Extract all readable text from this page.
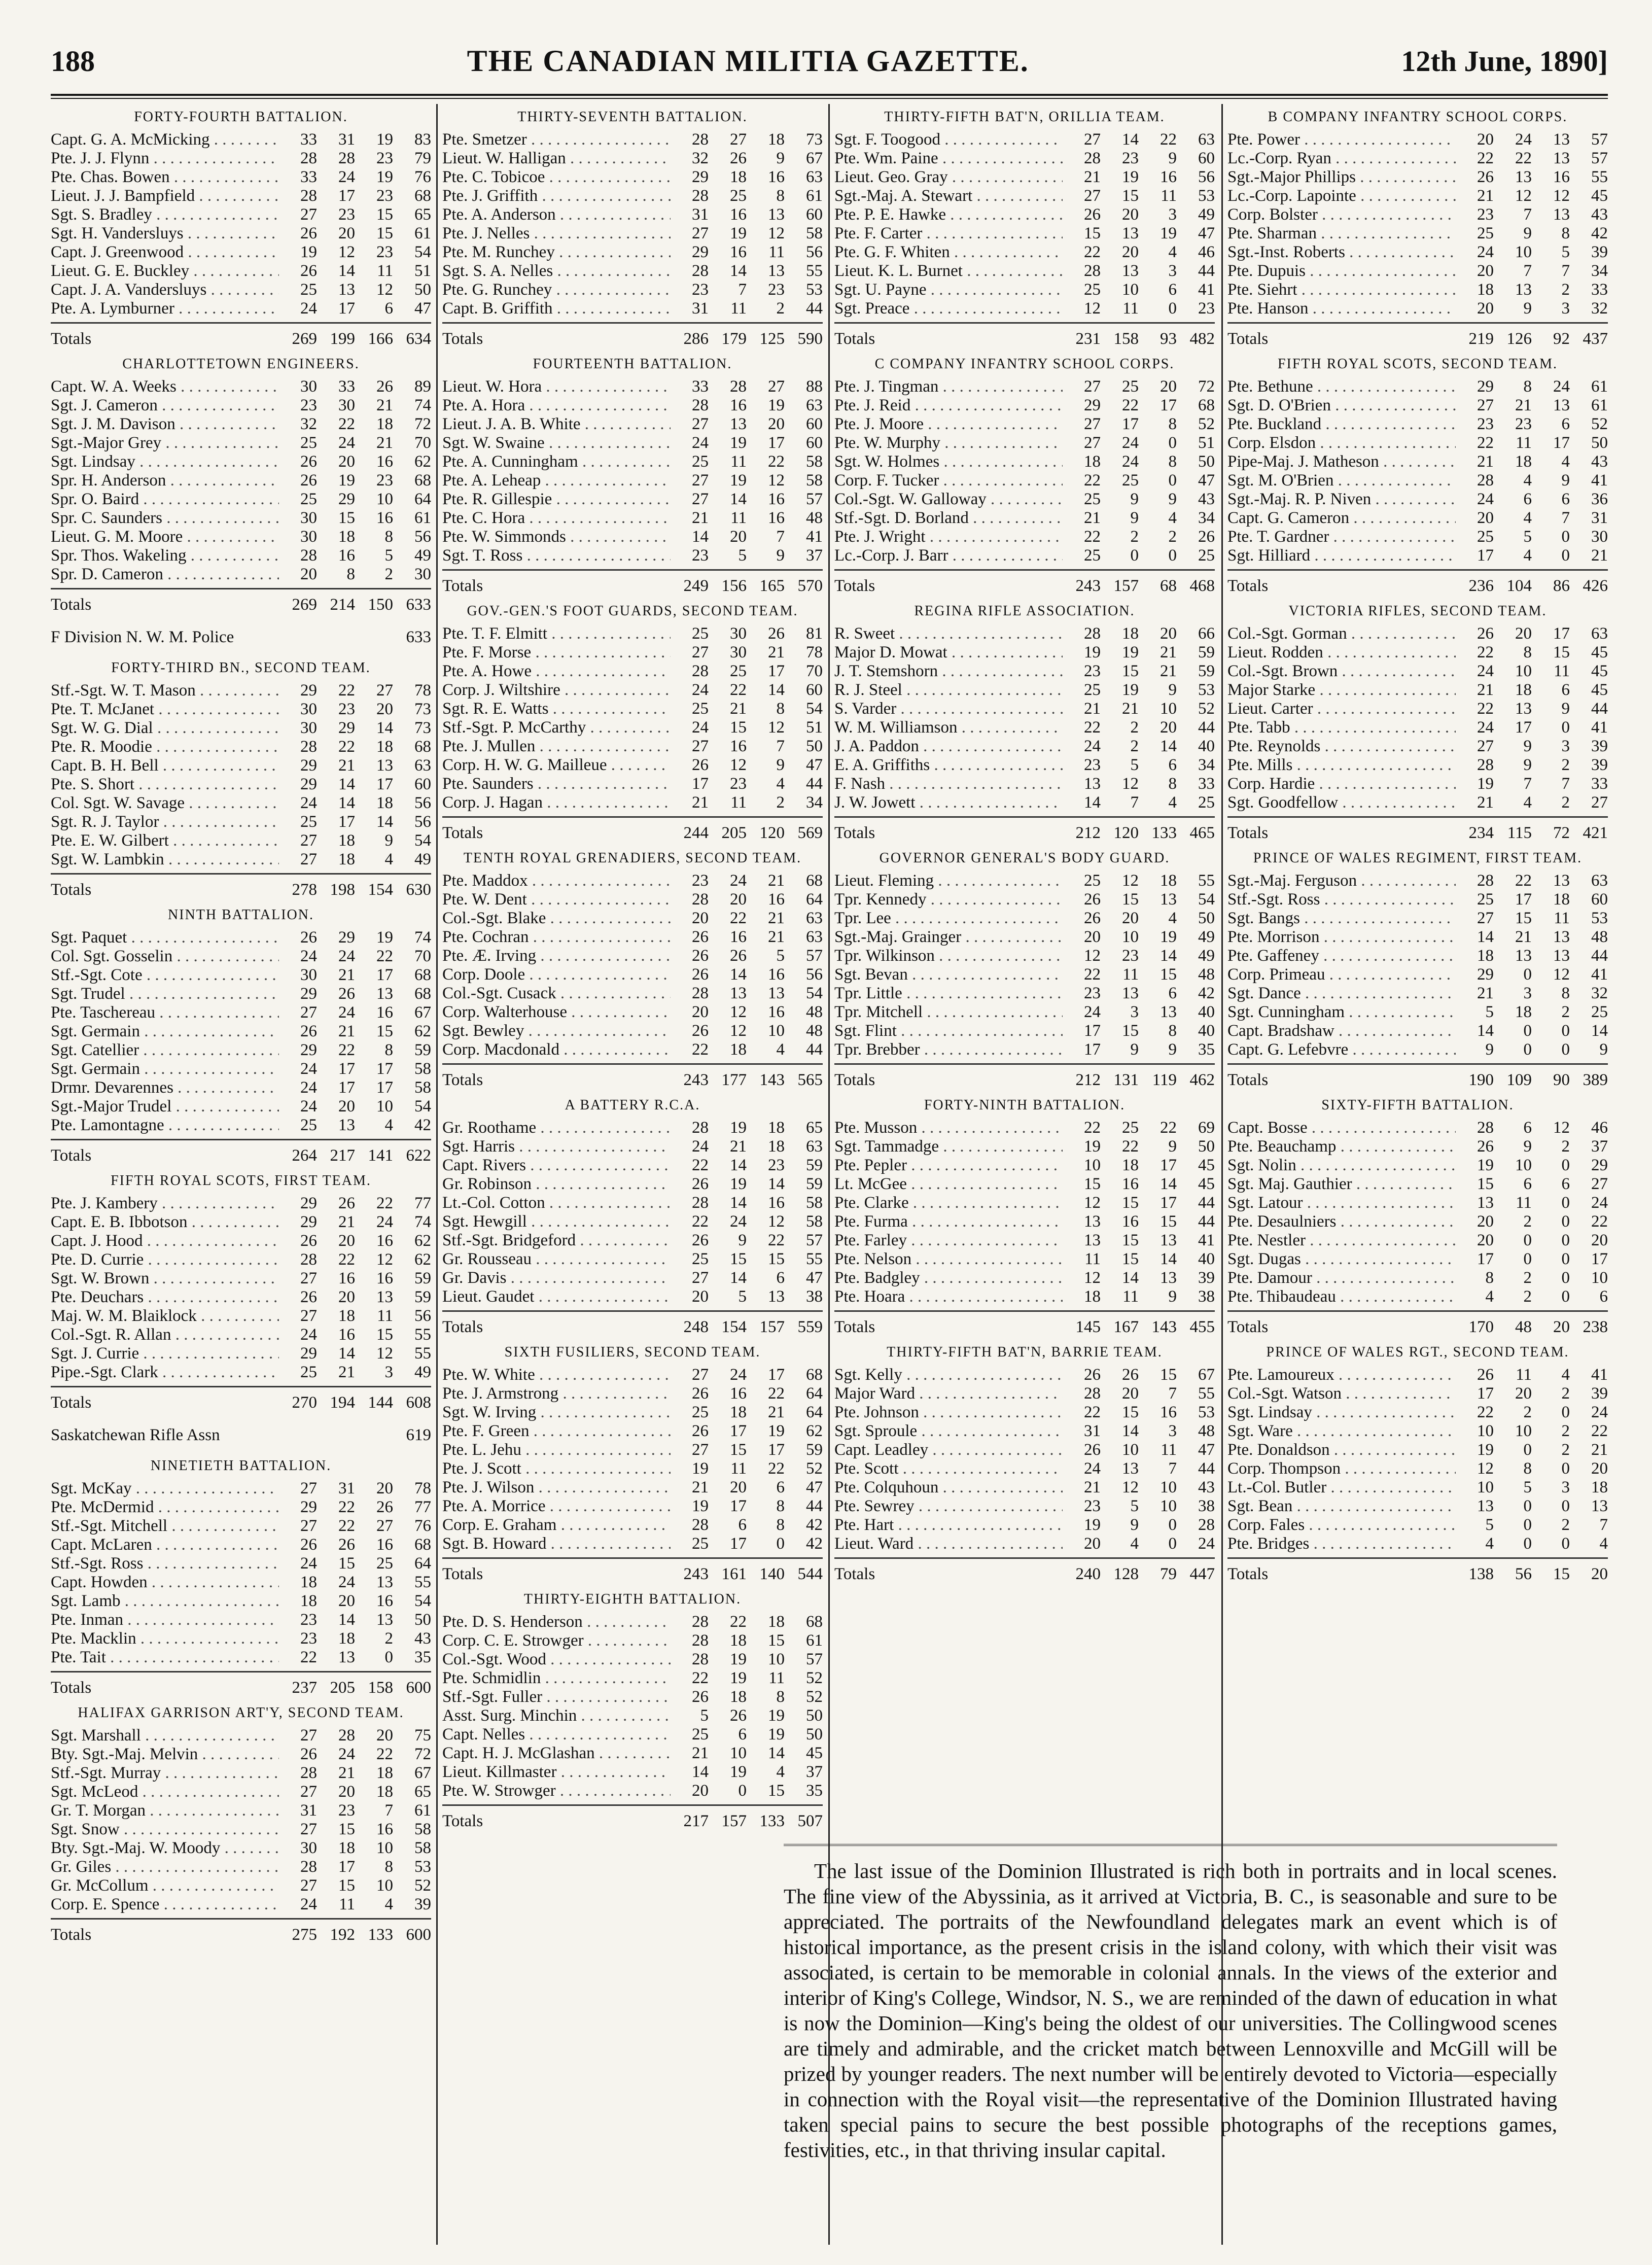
188	THE CANADIAN MILITIA GAZETTE.	12th June, 1890]
FORTY-FOURTH BATTALION.
Capt. G. A. McMicking . . .	33	31	19	83
Pte. J. J. Flynn . . .	28	28	23	79
Pte. Chas. Bowen . . .	33	24	19	76
Lieut. J. J. Bampfield . . .	28	17	23	68
Sgt. S. Bradley . . .	27	23	15	65
Sgt. H. Vandersluys . . .	26	20	15	61
Capt. J. Greenwood . . .	19	12	23	54
Lieut. G. E. Buckley . . .	26	14	11	51
Capt. J. A. Vandersluys . . .	25	13	12	50
Pte. A. Lymburner . . .	24	17	6	47
Totals	269 199 166 634
CHARLOTTETOWN ENGINEERS.
Capt. W. A. Weeks . . .	30	33	26	89
Sgt. J. Cameron . . .	23	30	21	74
Sgt. J. M. Davison . . .	32	22	18	72
Sgt.-Major Grey . . .	25	24	21	70
Sgt. Lindsay . . .	26	20	16	62
Spr. H. Anderson . . .	26	19	23	68
Spr. O. Baird . . .	25	29	10	64
Spr. C. Saunders . . .	30	15	16	61
Lieut. G. M. Moore . . .	30	18	8	56
Spr. Thos. Wakeling . . .	28	16	5	49
Spr. D. Cameron . . .	20	8	2	30
Totals	269 214 150 633
F Division N. W. M. Police	633
FORTY-THIRD BN., SECOND TEAM.
Stf.-Sgt. W. T. Mason . . .	29	22	27	78
Pte. T. McJanet . . .	30	23	20	73
Sgt. W. G. Dial . . .	30	29	14	73
Pte. R. Moodie . . .	28	22	18	68
Capt. B. H. Bell . . .	29	21	13	63
Pte. S. Short . . .	29	14	17	60
Col. Sgt. W. Savage . . .	24	14	18	56
Sgt. R. J. Taylor . . .	25	17	14	56
Pte. E. W. Gilbert . . .	27	18	9	54
Sgt. W. Lambkin . . .	27	18	4	49
Totals	278 198 154 630
NINTH BATTALION.
Sgt. Paquet . . .	26	29	19	74
Col. Sgt. Gosselin . . .	24	24	22	70
Stf.-Sgt. Cote . . .	30	21	17	68
Sgt. Trudel . . .	29	26	13	68
Pte. Taschereau . . .	27	24	16	67
Sgt. Germain . . .	26	21	15	62
Sgt. Catellier . . .	29	22	8	59
Sgt. Germain . . .	24	17	17	58
Drmr. Devarennes . . .	24	17	17	58
Sgt.-Major Trudel . . .	24	20	10	54
Pte. Lamontagne . . .	25	13	4	42
Totals	264 217 141 622
FIFTH ROYAL SCOTS, FIRST TEAM.
Pte. J. Kambery . . .	29	26	22	77
Capt. E. B. Ibbotson . . .	29	21	24	74
Capt. J. Hood . . .	26	20	16	62
Pte. D. Currie . . .	28	22	12	62
Sgt. W. Brown . . .	27	16	16	59
Pte. Deuchars . . .	26	20	13	59
Maj. W. M. Blaiklock . . .	27	18	11	56
Col.-Sgt. R. Allan . . .	24	16	15	55
Sgt. J. Currie . . .	29	14	12	55
Pipe.-Sgt. Clark . . .	25	21	3	49
Totals	270 194 144 608
Saskatchewan Rifle Assn	619
NINETIETH BATTALION.
Sgt. McKay . . .	27	31	20	78
Pte. McDermid . . .	29	22	26	77
Stf.-Sgt. Mitchell . . .	27	22	27	76
Capt. McLaren . . .	26	26	16	68
Stf.-Sgt. Ross . . .	24	15	25	64
Capt. Howden . . .	18	24	13	55
Sgt. Lamb . . .	18	20	16	54
Pte. Inman . . .	23	14	13	50
Pte. Macklin . . .	23	18	2	43
Pte. Tait . . .	22	13	0	35
Totals	237 205 158 600
HALIFAX GARRISON ART'Y, SECOND TEAM.
Sgt. Marshall . . .	27	28	20	75
Bty. Sgt.-Maj. Melvin . . .	26	24	22	72
Stf.-Sgt. Murray . . .	28	21	18	67
Sgt. McLeod . . .	27	20	18	65
Gr. T. Morgan . . .	31	23	7	61
Sgt. Snow . . .	27	15	16	58
Bty. Sgt.-Maj. W. Moody . . .	30	18	10	58
Gr. Giles . . .	28	17	8	53
Gr. McCollum . . .	27	15	10	52
Corp. E. Spence . . .	24	11	4	39
Totals	275 192 133 600
THIRTY-SEVENTH BATTALION.
Pte. Smetzer . . .	28	27	18	73
Lieut. W. Halligan . . .	32	26	9	67
Pte. C. Tobicoe . . .	29	18	16	63
Pte. J. Griffith . . .	28	25	8	61
Pte. A. Anderson . . .	31	16	13	60
Pte. J. Nelles . . .	27	19	12	58
Pte. M. Runchey . . .	29	16	11	56
Sgt. S. A. Nelles . . .	28	14	13	55
Pte. G. Runchey . . .	23	7	23	53
Capt. B. Griffith . . .	31	11	2	44
Totals	286 179 125 590
FOURTEENTH BATTALION.
Lieut. W. Hora . . .	33	28	27	88
Pte. A. Hora . . .	28	16	19	63
Lieut. J. A. B. White . . .	27	13	20	60
Sgt. W. Swaine . . .	24	19	17	60
Pte. A. Cunningham . . .	25	11	22	58
Pte. A. Leheap . . .	27	19	12	58
Pte. R. Gillespie . . .	27	14	16	57
Pte. C. Hora . . .	21	11	16	48
Pte. W. Simmonds . . .	14	20	7	41
Sgt. T. Ross . . .	23	5	9	37
Totals	249 156 165 570
GOV.-GEN.'S FOOT GUARDS, SECOND TEAM.
Pte. T. F. Elmitt . . .	25	30	26	81
Pte. F. Morse . . .	27	30	21	78
Pte. A. Howe . . .	28	25	17	70
Corp. J. Wiltshire . . .	24	22	14	60
Sgt. R. E. Watts . . .	25	21	8	54
Stf.-Sgt. P. McCarthy . . .	24	15	12	51
Pte. J. Mullen . . .	27	16	7	50
Corp. H. W. G. Mailleue . . .	26	12	9	47
Pte. Saunders . . .	17	23	4	44
Corp. J. Hagan . . .	21	11	2	34
Totals	244 205 120 569
TENTH ROYAL GRENADIERS, SECOND TEAM.
Pte. Maddox . . .	23	24	21	68
Pte. W. Dent . . .	28	20	16	64
Col.-Sgt. Blake . . .	20	22	21	63
Pte. Cochran . . .	26	16	21	63
Pte. Æ. Irving . . .	26	26	5	57
Corp. Doole . . .	26	14	16	56
Col.-Sgt. Cusack . . .	28	13	13	54
Corp. Walterhouse . . .	20	12	16	48
Sgt. Bewley . . .	26	12	10	48
Corp. Macdonald . . .	22	18	4	44
Totals	243 177 143 565
A BATTERY R.C.A.
Gr. Roothame . . .	28	19	18	65
Sgt. Harris . . .	24	21	18	63
Capt. Rivers . . .	22	14	23	59
Gr. Robinson . . .	26	19	14	59
Lt.-Col. Cotton . . .	28	14	16	58
Sgt. Hewgill . . .	22	24	12	58
Stf.-Sgt. Bridgeford . . .	26	9	22	57
Gr. Rousseau . . .	25	15	15	55
Gr. Davis . . .	27	14	6	47
Lieut. Gaudet . . .	20	5	13	38
Totals	248 154 157 559
SIXTH FUSILIERS, SECOND TEAM.
Pte. W. White . . .	27	24	17	68
Pte. J. Armstrong . . .	26	16	22	64
Sgt. W. Irving . . .	25	18	21	64
Pte. F. Green . . .	26	17	19	62
Pte. L. Jehu . . .	27	15	17	59
Pte. J. Scott . . .	19	11	22	52
Pte. J. Wilson . . .	21	20	6	47
Pte. A. Morrice . . .	19	17	8	44
Corp. E. Graham . . .	28	6	8	42
Sgt. B. Howard . . .	25	17	0	42
Totals	243 161 140 544
THIRTY-EIGHTH BATTALION.
Pte. D. S. Henderson . . .	28	22	18	68
Corp. C. E. Strowger . . .	28	18	15	61
Col.-Sgt. Wood . . .	28	19	10	57
Pte. Schmidlin . . .	22	19	11	52
Stf.-Sgt. Fuller . . .	26	18	8	52
Asst. Surg. Minchin . . .	5	26	19	50
Capt. Nelles . . .	25	6	19	50
Capt. H. J. McGlashan . . .	21	10	14	45
Lieut. Killmaster . . .	14	19	4	37
Pte. W. Strowger . . .	20	0	15	35
Totals	217 157 133 507
THIRTY-FIFTH BAT'N, ORILLIA TEAM.
Sgt. F. Toogood . . .	27	14	22	63
Pte. Wm. Paine . . .	28	23	9	60
Lieut. Geo. Gray . . .	21	19	16	56
Sgt.-Maj. A. Stewart . . .	27	15	11	53
Pte. P. E. Hawke . . .	26	20	3	49
Pte. F. Carter . . .	15	13	19	47
Pte. G. F. Whiten . . .	22	20	4	46
Lieut. K. L. Burnet . . .	28	13	3	44
Sgt. U. Payne . . .	25	10	6	41
Sgt. Preace . . .	12	11	0	23
Totals	231 158	93 482
C COMPANY INFANTRY SCHOOL CORPS.
Pte. J. Tingman . . .	27	25	20	72
Pte. J. Reid . . .	29	22	17	68
Pte. J. Moore . . .	27	17	8	52
Pte. W. Murphy . . .	27	24	0	51
Sgt. W. Holmes . . .	18	24	8	50
Corp. F. Tucker . . .	22	25	0	47
Col.-Sgt. W. Galloway . . .	25	9	9	43
Stf.-Sgt. D. Borland . . .	21	9	4	34
Pte. J. Wright . . .	22	2	2	26
Lc.-Corp. J. Barr . . .	25	0	0	25
Totals	243 157	68 468
REGINA RIFLE ASSOCIATION.
R. Sweet . . .	28	18	20	66
Major D. Mowat . . .	19	19	21	59
J. T. Stemshorn . . .	23	15	21	59
R. J. Steel . . .	25	19	9	53
S. Varder . . .	21	21	10	52
W. M. Williamson . . .	22	2	20	44
J. A. Paddon . . .	24	2	14	40
E. A. Griffiths . . .	23	5	6	34
F. Nash . . .	13	12	8	33
J. W. Jowett . . .	14	7	4	25
Totals	212 120 133 465
GOVERNOR GENERAL'S BODY GUARD.
Lieut. Fleming . . .	25	12	18	55
Tpr. Kennedy . . .	26	15	13	54
Tpr. Lee . . .	26	20	4	50
Sgt.-Maj. Grainger . . .	20	10	19	49
Tpr. Wilkinson . . .	12	23	14	49
Sgt. Bevan . . .	22	11	15	48
Tpr. Little . . .	23	13	6	42
Tpr. Mitchell . . .	24	3	13	40
Sgt. Flint . . .	17	15	8	40
Tpr. Brebber . . .	17	9	9	35
Totals	212 131 119 462
FORTY-NINTH BATTALION.
Pte. Musson . . .	22	25	22	69
Sgt. Tammadge . . .	19	22	9	50
Pte. Pepler . . .	10	18	17	45
Lt. McGee . . .	15	16	14	45
Pte. Clarke . . .	12	15	17	44
Pte. Furma . . .	13	16	15	44
Pte. Farley . . .	13	15	13	41
Pte. Nelson . . .	11	15	14	40
Pte. Badgley . . .	12	14	13	39
Pte. Hoara . . .	18	11	9	38
Totals	145 167 143 455
THIRTY-FIFTH BAT'N, BARRIE TEAM.
Sgt. Kelly . . .	26	26	15	67
Major Ward . . .	28	20	7	55
Pte. Johnson . . .	22	15	16	53
Sgt. Sproule . . .	31	14	3	48
Capt. Leadley . . .	26	10	11	47
Pte. Scott . . .	24	13	7	44
Pte. Colquhoun . . .	21	12	10	43
Pte. Sewrey . . .	23	5	10	38
Pte. Hart . . .	19	9	0	28
Lieut. Ward . . .	20	4	0	24
Totals	240 128	79 447
B COMPANY INFANTRY SCHOOL CORPS.
Pte. Power . . .	20	24	13	57
Lc.-Corp. Ryan . . .	22	22	13	57
Sgt.-Major Phillips . . .	26	13	16	55
Lc.-Corp. Lapointe . . .	21	12	12	45
Corp. Bolster . . .	23	7	13	43
Pte. Sharman . . .	25	9	8	42
Sgt.-Inst. Roberts . . .	24	10	5	39
Pte. Dupuis . . .	20	7	7	34
Pte. Siehrt . . .	18	13	2	33
Pte. Hanson . . .	20	9	3	32
Totals	219 126	92 437
FIFTH ROYAL SCOTS, SECOND TEAM.
Pte. Bethune . . .	29	8	24	61
Sgt. D. O'Brien . . .	27	21	13	61
Pte. Buckland . . .	23	23	6	52
Corp. Elsdon . . .	22	11	17	50
Pipe-Maj. J. Matheson . . .	21	18	4	43
Sgt. M. O'Brien . . .	28	4	9	41
Sgt.-Maj. R. P. Niven . . .	24	6	6	36
Capt. G. Cameron . . .	20	4	7	31
Pte. T. Gardner . . .	25	5	0	30
Sgt. Hilliard . . .	17	4	0	21
Totals	236 104	86 426
VICTORIA RIFLES, SECOND TEAM.
Col.-Sgt. Gorman . . .	26	20	17	63
Lieut. Rodden . . .	22	8	15	45
Col.-Sgt. Brown . . .	24	10	11	45
Major Starke . . .	21	18	6	45
Lieut. Carter . . .	22	13	9	44
Pte. Tabb . . .	24	17	0	41
Pte. Reynolds . . .	27	9	3	39
Pte. Mills . . .	28	9	2	39
Corp. Hardie . . .	19	7	7	33
Sgt. Goodfellow . . .	21	4	2	27
Totals	234 115	72 421
PRINCE OF WALES REGIMENT, FIRST TEAM.
Sgt.-Maj. Ferguson . . .	28	22	13	63
Stf.-Sgt. Ross . . .	25	17	18	60
Sgt. Bangs . . .	27	15	11	53
Pte. Morrison . . .	14	21	13	48
Pte. Gaffeney . . .	18	13	13	44
Corp. Primeau . . .	29	0	12	41
Sgt. Dance . . .	21	3	8	32
Sgt. Cunningham . . .	5	18	2	25
Capt. Bradshaw . . .	14	0	0	14
Capt. G. Lefebvre . . .	9	0	0	9
Totals	190 109	90 389
SIXTY-FIFTH BATTALION.
Capt. Bosse . . .	28	6	12	46
Pte. Beauchamp . . .	26	9	2	37
Sgt. Nolin . . .	19	10	0	29
Sgt. Maj. Gauthier . . .	15	6	6	27
Sgt. Latour . . .	13	11	0	24
Pte. Desaulniers . . .	20	2	0	22
Pte. Nestler . . .	20	0	0	20
Sgt. Dugas . . .	17	0	0	17
Pte. Damour . . .	8	2	0	10
Pte. Thibaudeau . . .	4	2	0	6
Totals	170	48	20 238
PRINCE OF WALES RGT., SECOND TEAM.
Pte. Lamoureux . . .	26	11	4	41
Col.-Sgt. Watson . . .	17	20	2	39
Sgt. Lindsay . . .	22	2	0	24
Sgt. Ware . . .	10	10	2	22
Pte. Donaldson . . .	19	0	2	21
Corp. Thompson . . .	12	8	0	20
Lt.-Col. Butler . . .	10	5	3	18
Sgt. Bean . . .	13	0	0	13
Corp. Fales . . .	5	0	2	7
Pte. Bridges . . .	4	0	0	4
Totals	138	56	15	20
The last issue of the Dominion Illustrated is rich both in portraits and in local scenes. The fine view of the Abyssinia, as it arrived at Victoria, B. C., is seasonable and sure to be appreciated. The portraits of the Newfoundland delegates mark an event which is of historical importance, as the present crisis in the island colony, with which their visit was associated, is certain to be memorable in colonial annals. In the views of the exterior and interior of King's College, Windsor, N. S., we are reminded of the dawn of education in what is now the Dominion—King's being the oldest of our universities. The Collingwood scenes are timely and admirable, and the cricket match between Lennoxville and McGill will be prized by younger readers. The next number will be entirely devoted to Victoria—especially in connection with the Royal visit—the representative of the Dominion Illustrated having taken special pains to secure the best possible photographs of the receptions games, festivities, etc., in that thriving insular capital.
